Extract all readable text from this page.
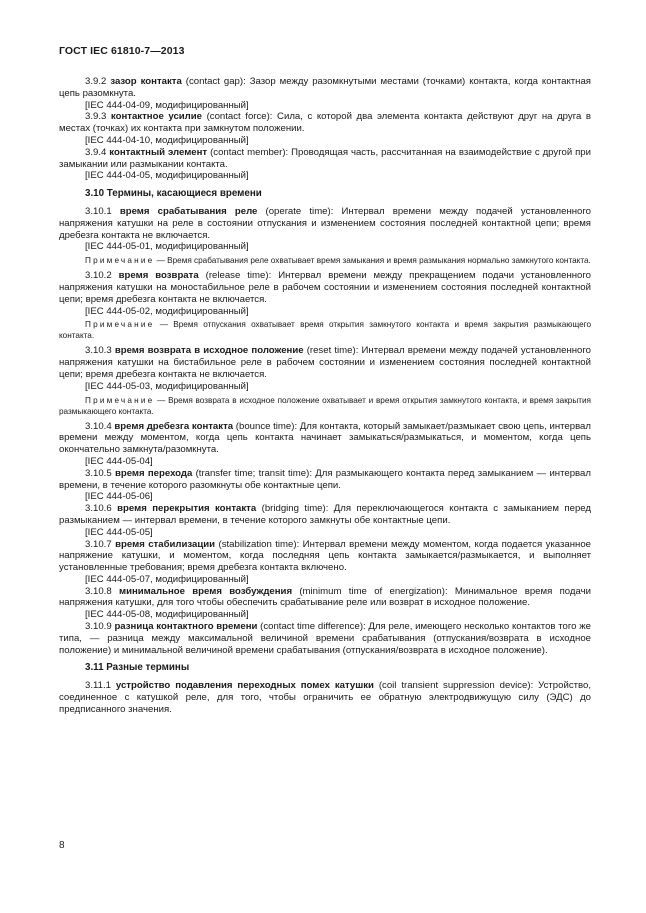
ГОСТ IEC 61810-7—2013

3.9.2 зазор контакта (contact gap): Зазор между разомкнутыми местами (точками) контакта, когда контактная цепь разомкнута.

[IEC 444-04-09, модифицированный]

3.9.3 контактное усилие (contact force): Сила, с которой два элемента контакта действуют друг на друга в местах (точках) их контакта при замкнутом положении.

[IEC 444-04-10, модифицированный]

3.9.4 контактный элемент (contact member): Проводящая часть, рассчитанная на взаимодействие с другой при замыкании или размыкании контакта.

[IEC 444-04-05, модифицированный]

3.10 Термины, касающиеся времени

3.10.1 время срабатывания реле (operate time): Интервал времени между подачей установленного напряжения катушки на реле в состоянии отпускания и изменением состояния последней контактной цепи; время дребезга контакта не включается.

[IEC 444-05-01, модифицированный]

Примечание — Время срабатывания реле охватывает время замыкания и время размыкания нормально замкнутого контакта.

3.10.2 время возврата (release time): Интервал времени между прекращением подачи установленного напряжения катушки на моностабильное реле в рабочем состоянии и изменением состояния последней контактной цепи; время дребезга контакта не включается.

[IEC 444-05-02, модифицированный]

Примечание — Время отпускания охватывает время открытия замкнутого контакта и время закрытия размыкающего контакта.

3.10.3 время возврата в исходное положение (reset time): Интервал времени между подачей установленного напряжения катушки на бистабильное реле в рабочем состоянии и изменением состояния последней контактной цепи; время дребезга контакта не включается.

[IEC 444-05-03, модифицированный]

Примечание — Время возврата в исходное положение охватывает и время открытия замкнутого контакта, и время закрытия размыкающего контакта.

3.10.4 время дребезга контакта (bounce time): Для контакта, который замыкает/размыкает свою цепь, интервал времени между моментом, когда цепь контакта начинает замыкаться/размыкаться, и моментом, когда цепь окончательно замкнута/разомкнута.

[IEC 444-05-04]

3.10.5 время перехода (transfer time; transit time): Для размыкающего контакта перед замыканием — интервал времени, в течение которого разомкнуты обе контактные цепи.

[IEC 444-05-06]

3.10.6 время перекрытия контакта (bridging time): Для переключающегося контакта с замыканием перед размыканием — интервал времени, в течение которого замкнуты обе контактные цепи.

[IEC 444-05-05]

3.10.7 время стабилизации (stabilization time): Интервал времени между моментом, когда подается указанное напряжение катушки, и моментом, когда последняя цепь контакта замыкается/размыкается, и выполняет установленные требования; время дребезга контакта включено.

[IEC 444-05-07, модифицированный]

3.10.8 минимальное время возбуждения (minimum time of energization): Минимальное время подачи напряжения катушки, для того чтобы обеспечить срабатывание реле или возврат в исходное положение.

[IEC 444-05-08, модифицированный]

3.10.9 разница контактного времени (contact time difference): Для реле, имеющего несколько контактов того же типа, — разница между максимальной величиной времени срабатывания (отпускания/возврата в исходное положение) и минимальной величиной времени срабатывания (отпускания/возврата в исходное положение).

3.11 Разные термины

3.11.1 устройство подавления переходных помех катушки (coil transient suppression device): Устройство, соединенное с катушкой реле, для того, чтобы ограничить ее обратную электродвижущую силу (ЭДС) до предписанного значения.

8
